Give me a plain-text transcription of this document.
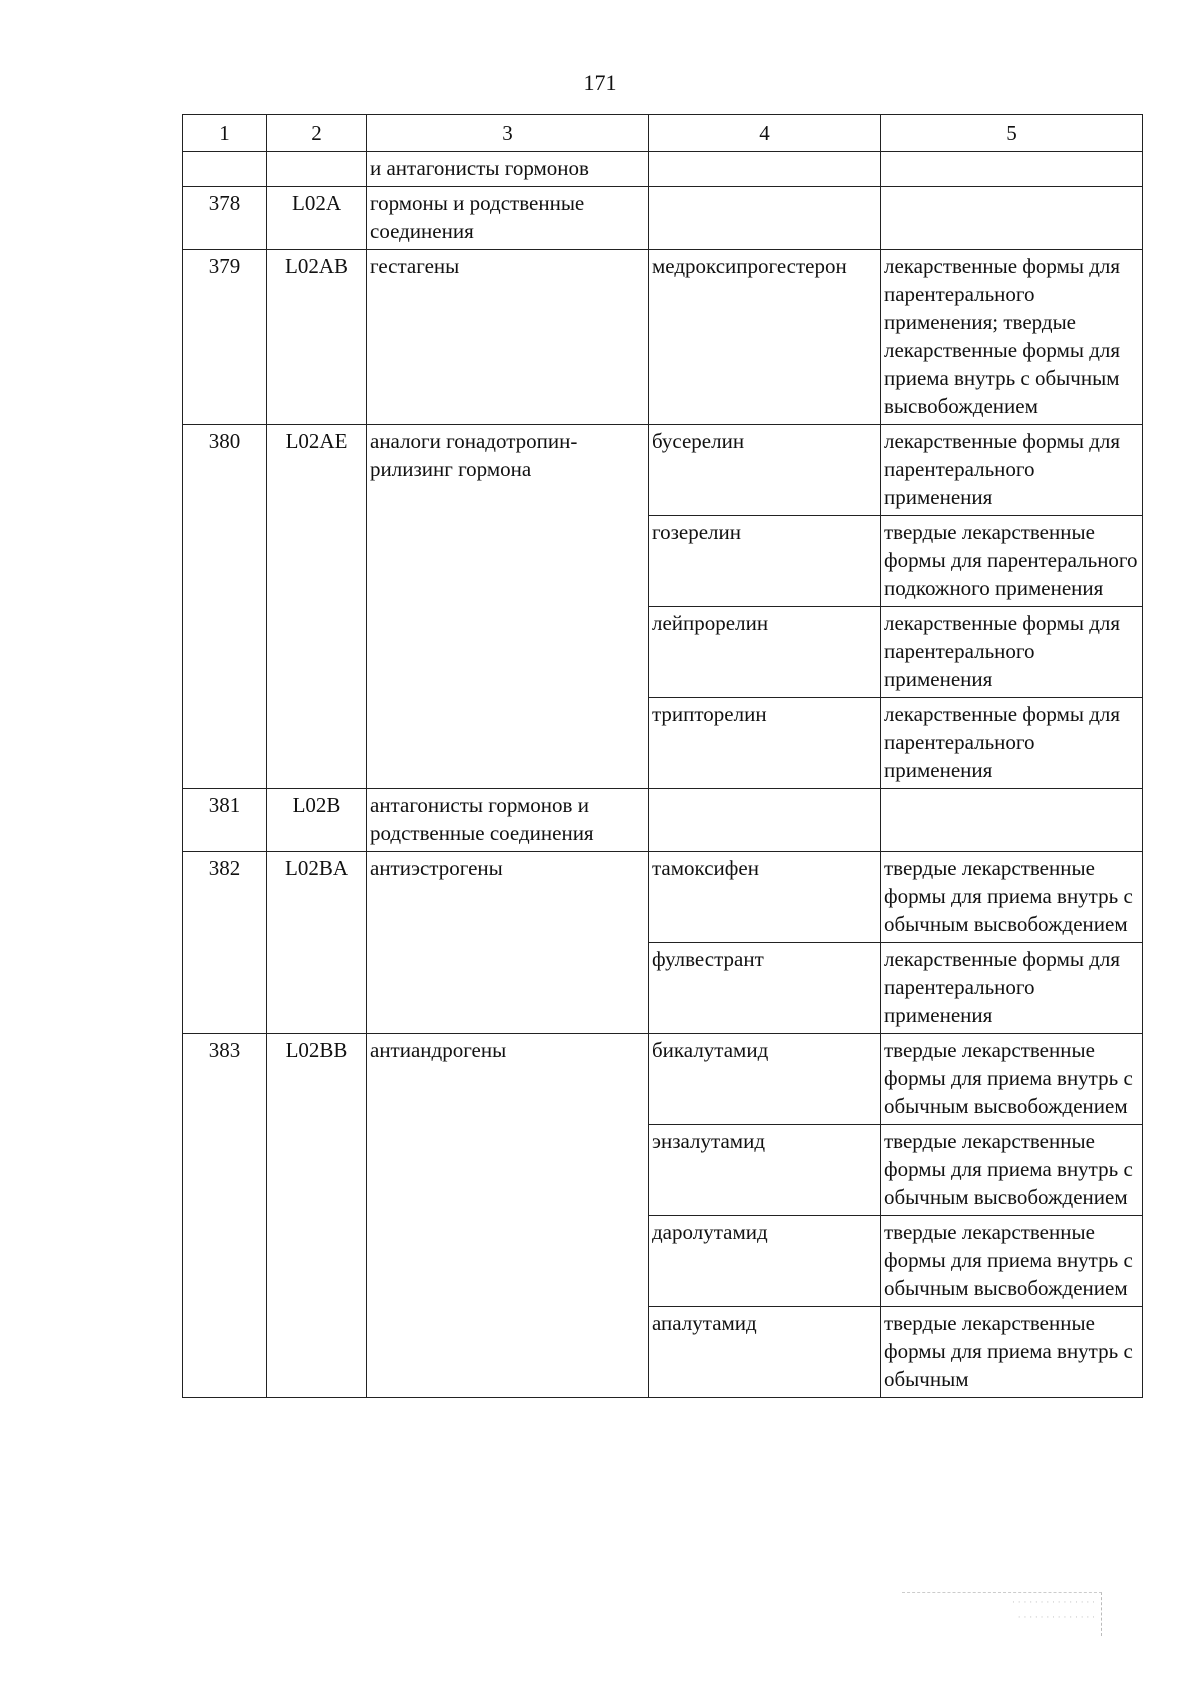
171
1	2	3	4	5
		и антагонисты гормонов		
378	L02A	гормоны и родственные соединения		
379	L02AB	гестагены	медроксипрогестерон	лекарственные формы для парентерального применения; твердые лекарственные формы для приема внутрь с обычным высвобождением
380	L02AE	аналоги гонадотропин-рилизинг гормона	бусерелин	лекарственные формы для парентерального применения
			гозерелин	твердые лекарственные формы для парентерального подкожного применения
			лейпрорелин	лекарственные формы для парентерального применения
			трипторелин	лекарственные формы для парентерального применения
381	L02B	антагонисты гормонов и родственные соединения		
382	L02BA	антиэстрогены	тамоксифен	твердые лекарственные формы для приема внутрь с обычным высвобождением
			фулвестрант	лекарственные формы для парентерального применения
383	L02BB	антиандрогены	бикалутамид	твердые лекарственные формы для приема внутрь с обычным высвобождением
			энзалутамид	твердые лекарственные формы для приема внутрь с обычным высвобождением
			даролутамид	твердые лекарственные формы для приема внутрь с обычным высвобождением
			апалутамид	твердые лекарственные формы для приема внутрь с обычным
· · · · · · · · · · · · · · ·
· · · · · · · · · · · · · ·
